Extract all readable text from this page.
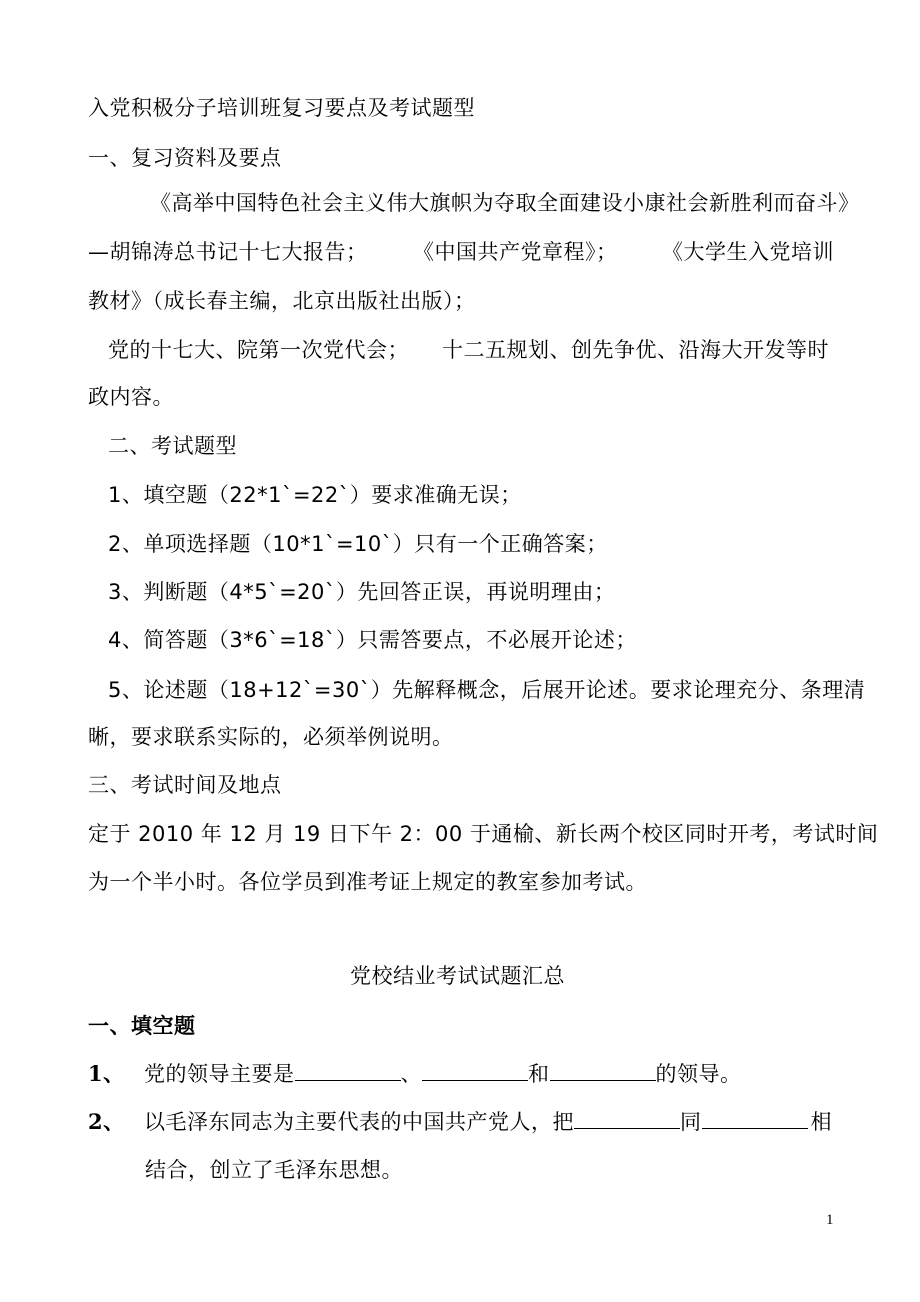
入党积极分子培训班复习要点及考试题型
一、复习资料及要点
《高举中国特色社会主义伟大旗帜为夺取全面建设小康社会新胜利而奋斗》
—胡锦涛总书记十七大报告； 《中国共产党章程》； 《大学生入党培训
教材》（成长春主编，北京出版社出版）；
党的十七大、院第一次党代会； 十二五规划、创先争优、沿海大开发等时
政内容。
二、考试题型
1、填空题（22*1`=22`）要求准确无误；
2、单项选择题（10*1`=10`）只有一个正确答案；
3、判断题（4*5`=20`）先回答正误，再说明理由；
4、简答题（3*6`=18`）只需答要点，不必展开论述；
5、论述题（18+12`=30`）先解释概念，后展开论述。要求论理充分、条理清
晰，要求联系实际的，必须举例说明。
三、考试时间及地点
定于 2010 年 12 月 19 日下午 2：00 于通榆、新长两个校区同时开考，考试时间
为一个半小时。各位学员到准考证上规定的教室参加考试。
党校结业考试试题汇总
一、填空题
1、 党的领导主要是	、	和	的领导。
2、 以毛泽东同志为主要代表的中国共产党人，把	同	相
结合，创立了毛泽东思想。
1
